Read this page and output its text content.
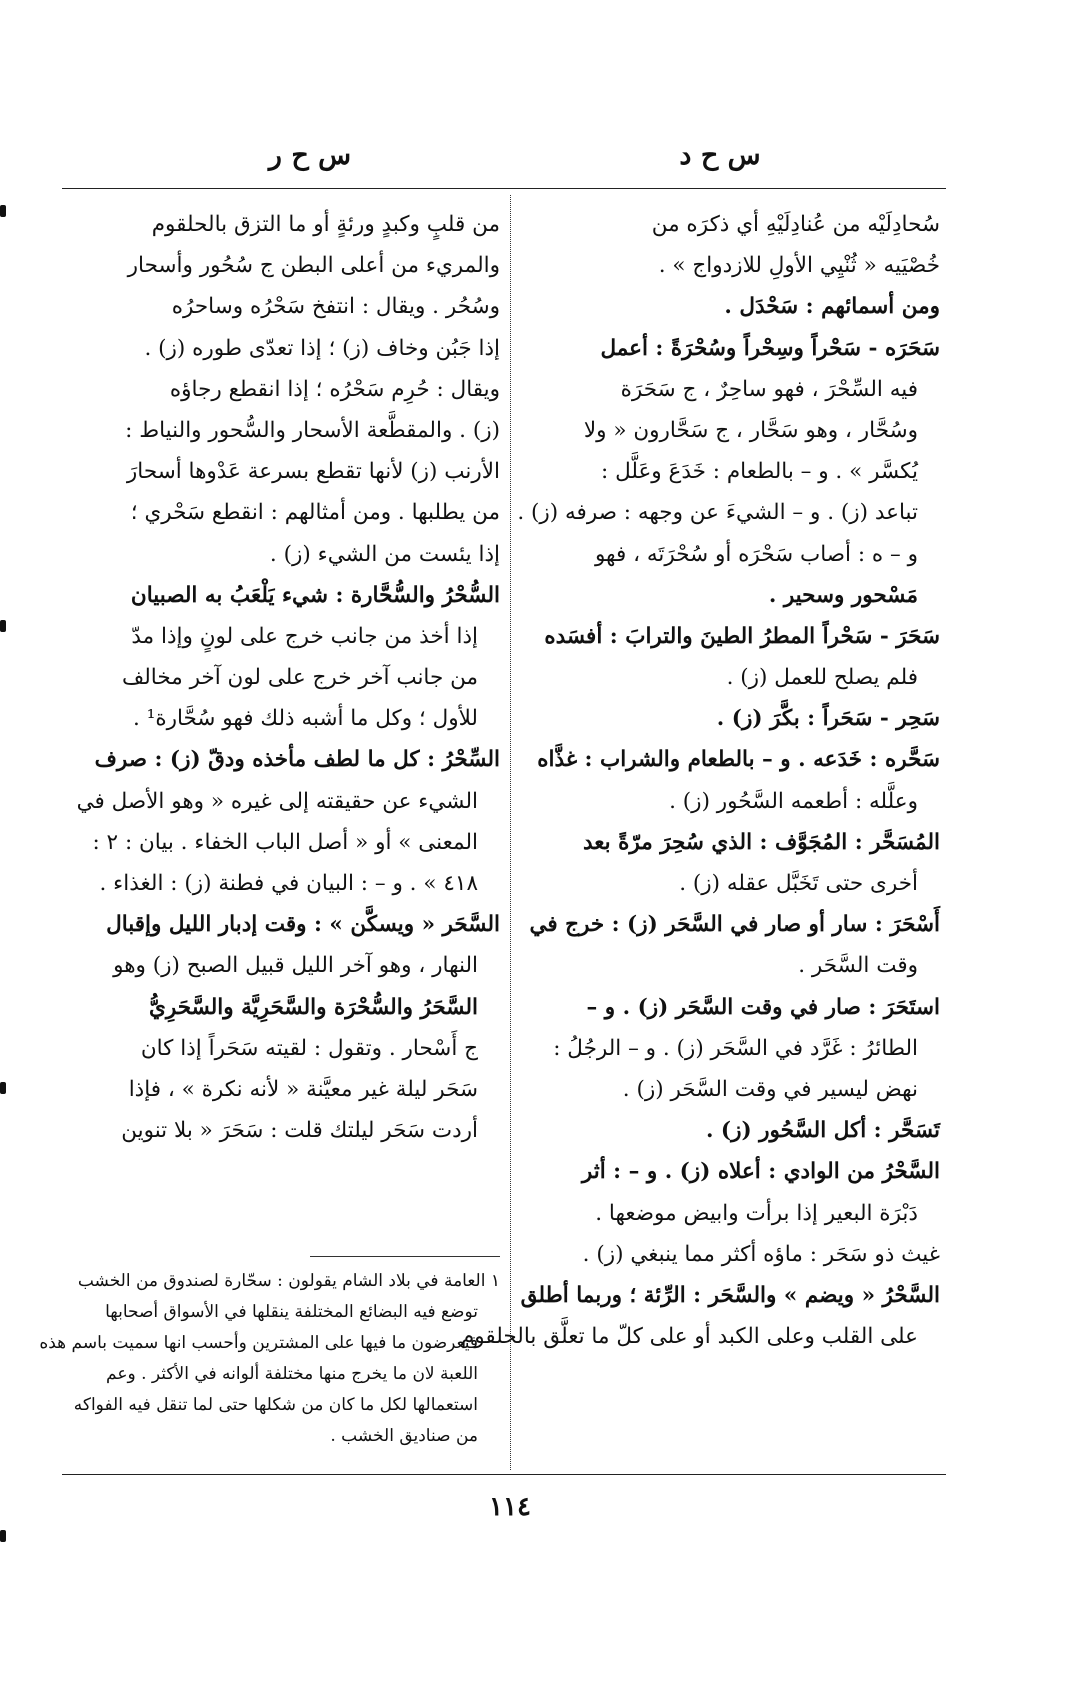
س ح د
س ح ر
سُحادِلَيْه من عُنادِلَيْهِ أي ذكرَه من
خُصْيَيه « ثُنْيِي الأولِ للازدواج » .
ومن أسمائهم : سَحْدَل .
سَحَرَه - سَحْراً وسِحْراً وسُحْرَةً : أعمل
فيه السِّحْرَ ، فهو ساحِرٌ ، ج سَحَرَة
وسُحَّار ، وهو سَحَّار ، ج سَحَّارون « ولا
يُكسَّر » . و – بالطعام : خَدَعَ وعَلَّل :
تباعد (ز) . و – الشيءَ عن وجهه : صرفه (ز) .
و – ه : أصاب سَحْرَه أو سُحْرَتَه ، فهو
مَسْحور وسحير .
سَحَرَ - سَحْراً المطرُ الطينَ والترابَ : أفسَده
فلم يصلح للعمل (ز) .
سَحِر - سَحَراً : بكَّرَ (ز) .
سَحَّره : خَدَعه . و – بالطعام والشراب : غذَّاه
وعلَّله : أطعمه السَّحُور (ز) .
المُسَحَّر : المُجَوَّف : الذي سُحِرَ مرّةً بعد
أخرى حتى تَخَبَّل عقله (ز) .
أَسْحَرَ : سار أو صار في السَّحَر (ز) : خرج في
وقت السَّحَر .
استَحَرَ : صار في وقت السَّحَر (ز) . و –
الطائرُ : غَرَّد في السَّحَر (ز) . و – الرجُلُ :
نهض ليسير في وقت السَّحَر (ز) .
تَسَحَّر : أكل السَّحُور (ز) .
السَّحْرُ من الوادي : أعلاه (ز) . و – : أثر
دَبْرَة البعير إذا برأت وابيض موضعها .
غيث ذو سَحَر : ماؤه أكثر مما ينبغي (ز) .
السَّحْرُ « ويضم » والسَّحَر : الرِّئة ؛ وربما أطلق
على القلب وعلى الكبد أو على كلّ ما تعلَّق بالحلقوم
من قلبٍ وكبدٍ ورئةٍ أو ما التزق بالحلقوم
والمريء من أعلى البطن ج سُحُور وأسحار
وسُحُر . ويقال : انتفخ سَحْرُه وساحرُه
إذا جَبُن وخاف (ز) ؛ إذا تعدّى طوره (ز) .
ويقال : حُرِم سَحْرُه ؛ إذا انقطع رجاؤه
(ز) . والمقطَّعة الأسحار والسُّحور والنياط :
الأرنب (ز) لأنها تقطع بسرعة عَدْوها أسحارَ
من يطلبها . ومن أمثالهم : انقطع سَحْري ؛
إذا يئست من الشيء (ز) .
السُّحْرُ والسُّحَّارة : شيء يَلْعَبُ به الصبيان
إذا أخذ من جانب خرج على لونٍ وإذا مدّ
من جانب آخر خرج على لون آخر مخالف
للأول ؛ وكل ما أشبه ذلك فهو سُحَّارة¹ .
السِّحْرُ : كل ما لطف مأخذه ودقّ (ز) : صرف
الشيء عن حقيقته إلى غيره « وهو الأصل في
المعنى » أو « أصل الباب الخفاء . بيان : ٢ :
٤١٨ » . و – : البيان في فطنة (ز) : الغذاء .
السَّحَر « ويسكَّن » : وقت إدبار الليل وإقبال
النهار ، وهو آخر الليل قبيل الصبح (ز) وهو
السَّحَرُ والسُّحْرَة والسَّحَرِيَّة والسَّحَرِيُّ
ج أَسْحار . وتقول : لقيته سَحَراً إذا كان
سَحَر ليلة غير معيَّنة « لأنه نكرة » ، فإذا
أردت سَحَر ليلتك قلت : سَحَرَ « بلا تنوين
١ العامة في بلاد الشام يقولون : سحّارة لصندوق من الخشب
توضع فيه البضائع المختلفة ينقلها في الأسواق أصحابها
فيعرضون ما فيها على المشترين وأحسب انها سميت باسم هذه
اللعبة لان ما يخرج منها مختلفة ألوانه في الأكثر . وعم
استعمالها لكل ما كان من شكلها حتى لما تنقل فيه الفواكه
من صناديق الخشب .
١١٤
